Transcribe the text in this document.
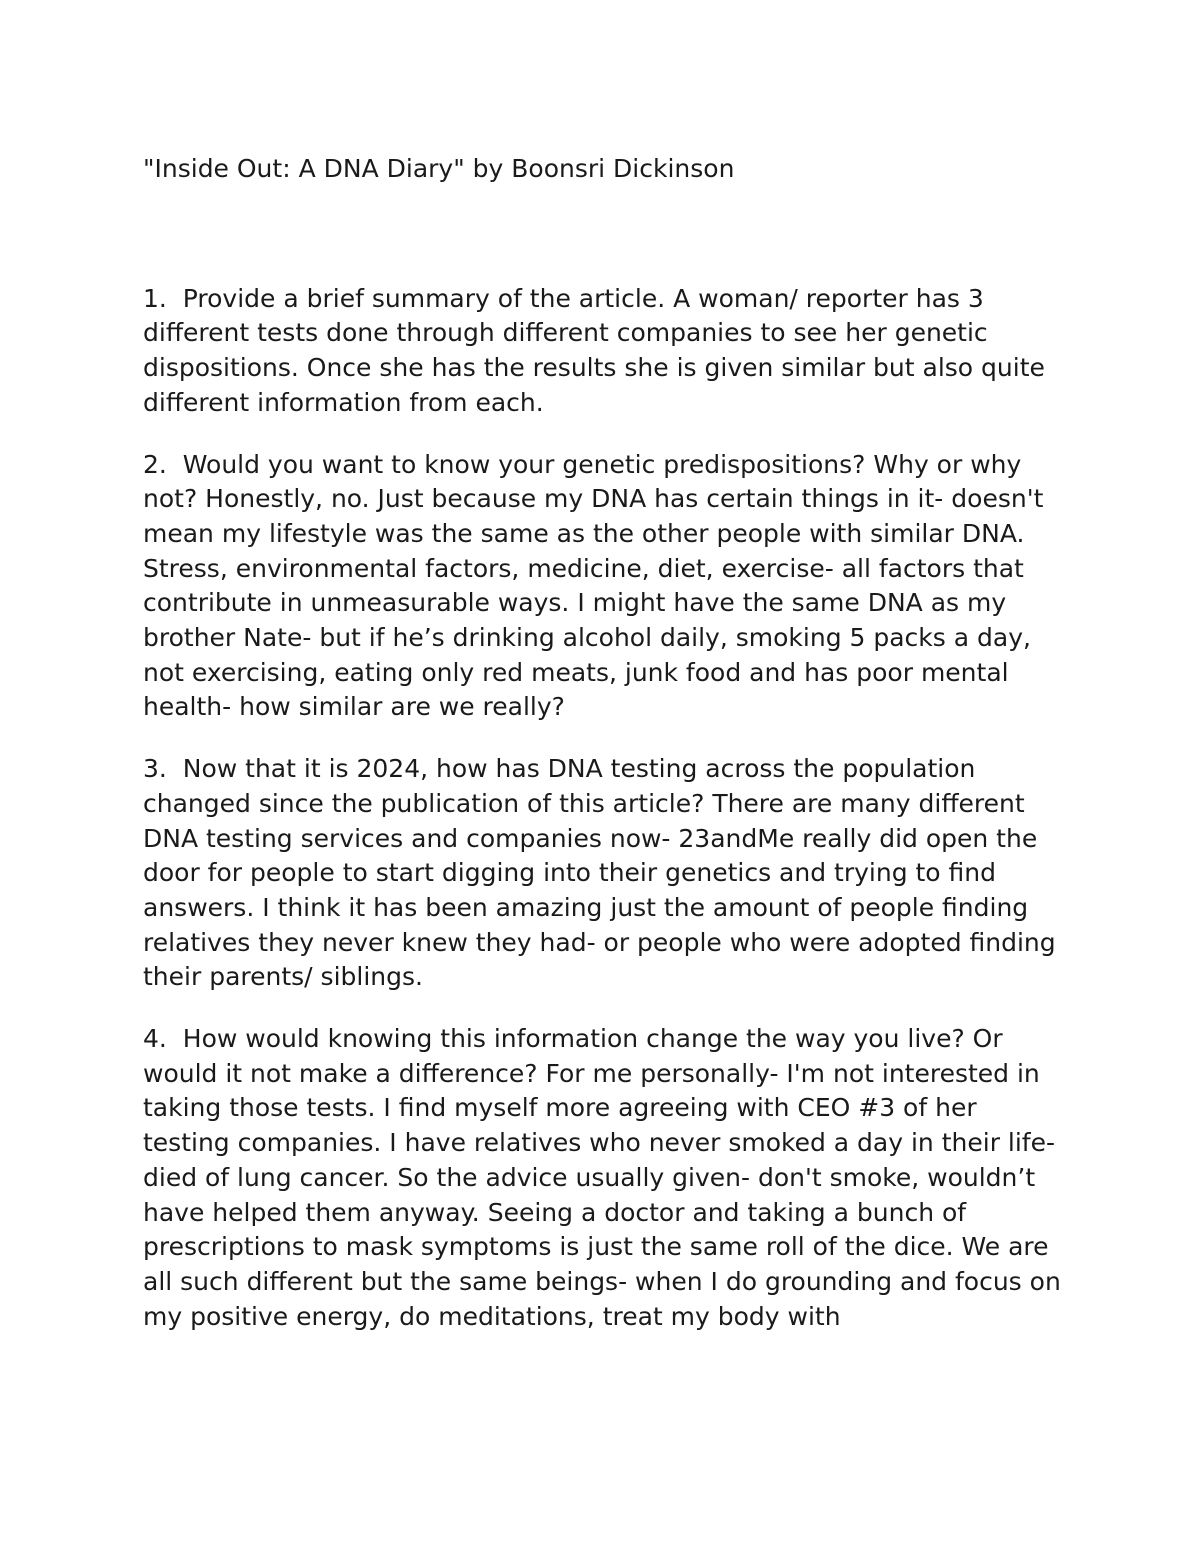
"Inside Out: A DNA Diary" by Boonsri Dickinson

1. Provide a brief summary of the article. A woman/ reporter has 3 different tests done through different companies to see her genetic dispositions. Once she has the results she is given similar but also quite different information from each.

2. Would you want to know your genetic predispositions? Why or why not? Honestly, no. Just because my DNA has certain things in it- doesn't mean my lifestyle was the same as the other people with similar DNA. Stress, environmental factors, medicine, diet, exercise- all factors that contribute in unmeasurable ways. I might have the same DNA as my brother Nate- but if he’s drinking alcohol daily, smoking 5 packs a day, not exercising, eating only red meats, junk food and has poor mental health- how similar are we really?

3. Now that it is 2024, how has DNA testing across the population changed since the publication of this article? There are many different DNA testing services and companies now- 23andMe really did open the door for people to start digging into their genetics and trying to find answers. I think it has been amazing just the amount of people finding relatives they never knew they had- or people who were adopted finding their parents/ siblings.

4. How would knowing this information change the way you live? Or would it not make a difference? For me personally- I'm not interested in taking those tests. I find myself more agreeing with CEO #3 of her testing companies. I have relatives who never smoked a day in their life- died of lung cancer. So the advice usually given- don't smoke, wouldn’t have helped them anyway. Seeing a doctor and taking a bunch of prescriptions to mask symptoms is just the same roll of the dice. We are all such different but the same beings- when I do grounding and focus on my positive energy, do meditations, treat my body with
